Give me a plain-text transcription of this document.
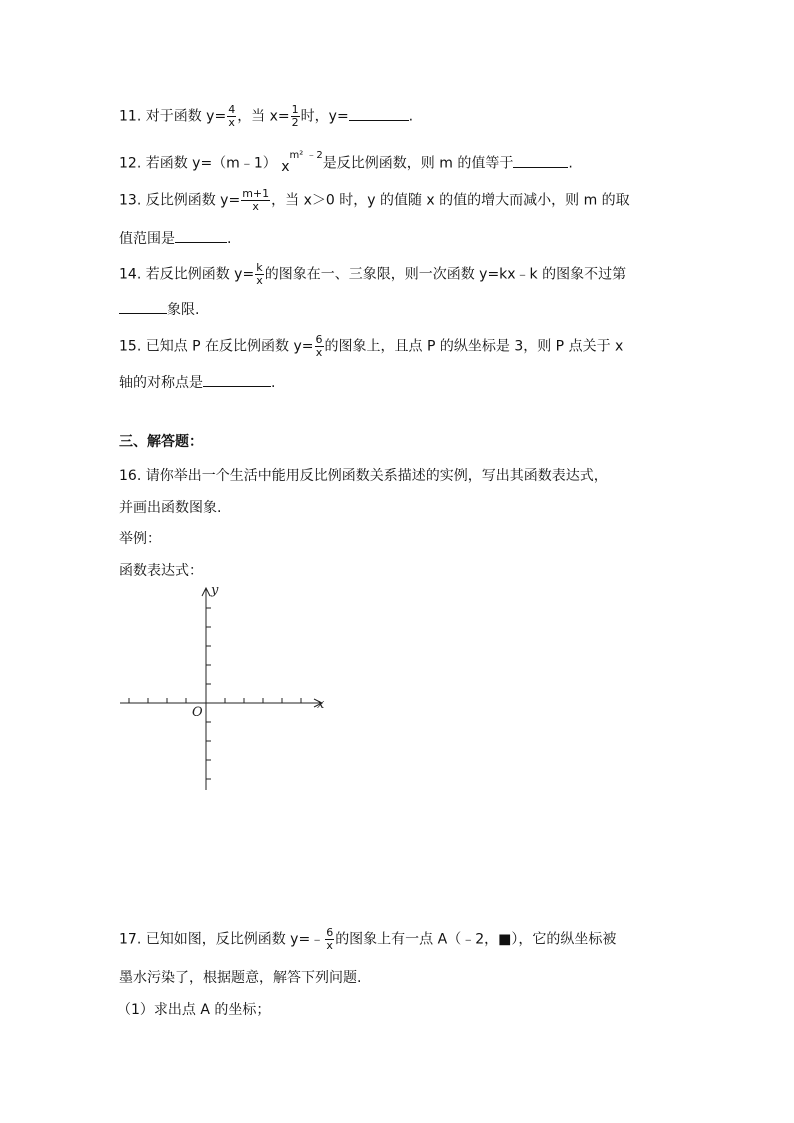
11. 对于函数 $y= \frac{4}{x}$ ，当 $x= \frac{1}{2}$ 时，y=	.
12. 若函数 y=（m﹣1） $x^{m^2 ﹣2}$是反比例函数，则 m 的值等于	.
13. 反比例函数 $y= \frac{m+1}{x}$ ，当 x＞0 时，y 的值随 x 的值的增大而减小，则 m 的取
值范围是	.
14. 若反比例函数 $y= \frac{k}{x}$ 的图象在一、三象限，则一次函数 y=kx﹣k 的图象不过第
象限.
15. 已知点 P 在反比例函数 $y= \frac{6}{x}$ 的图象上，且点 P 的纵坐标是 3，则 P 点关于 x
轴的对称点是	.
三、解答题：
16. 请你举出一个生活中能用反比例函数关系描述的实例，写出其函数表达式，
并画出函数图象.
举例：
函数表达式：
x
y
O
17. 已知如图，反比例函数 y=﹣ $\frac{6}{x}$ 的图象上有一点 A（﹣2，■），它的纵坐标被
墨水污染了，根据题意，解答下列问题.
（1）求出点 A 的坐标；
